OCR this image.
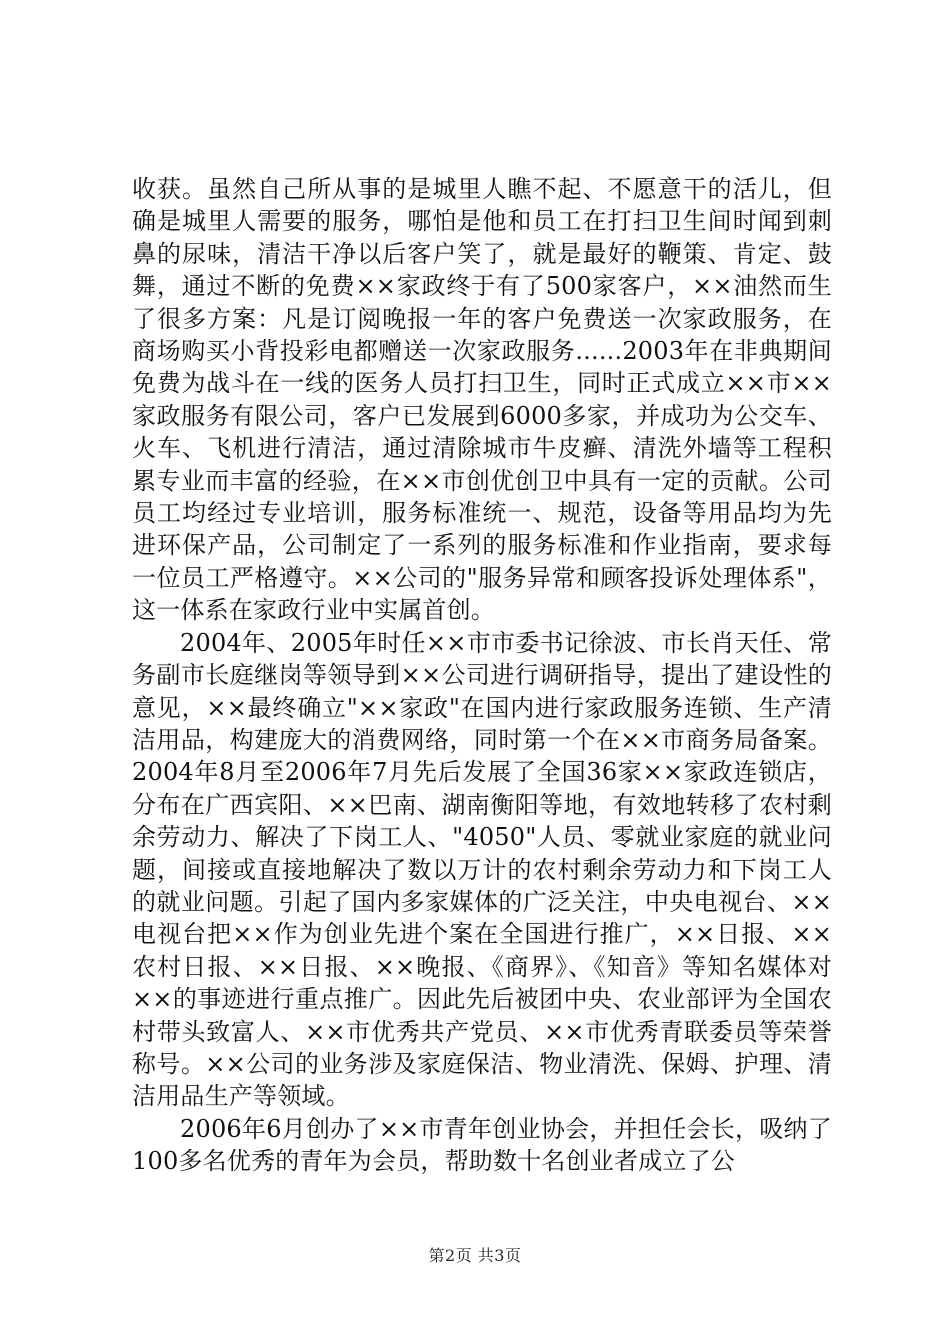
收获。虽然自己所从事的是城里人瞧不起、不愿意干的活儿，但确是城里人需要的服务，哪怕是他和员工在打扫卫生间时闻到刺鼻的尿味，清洁干净以后客户笑了，就是最好的鞭策、肯定、鼓舞，通过不断的免费××家政终于有了500家客户，××油然而生了很多方案：凡是订阅晚报一年的客户免费送一次家政服务，在商场购买小背投彩电都赠送一次家政服务......2003年在非典期间免费为战斗在一线的医务人员打扫卫生，同时正式成立××市××家政服务有限公司，客户已发展到6000多家，并成功为公交车、火车、飞机进行清洁，通过清除城市牛皮癣、清洗外墙等工程积累专业而丰富的经验，在××市创优创卫中具有一定的贡献。公司员工均经过专业培训，服务标准统一、规范，设备等用品均为先进环保产品，公司制定了一系列的服务标准和作业指南，要求每一位员工严格遵守。××公司的"服务异常和顾客投诉处理体系"，这一体系在家政行业中实属首创。

2004年、2005年时任××市市委书记徐波、市长肖天任、常务副市长庭继岗等领导到××公司进行调研指导，提出了建设性的意见，××最终确立"××家政"在国内进行家政服务连锁、生产清洁用品，构建庞大的消费网络，同时第一个在××市商务局备案。2004年8月至2006年7月先后发展了全国36家××家政连锁店，分布在广西宾阳、××巴南、湖南衡阳等地，有效地转移了农村剩余劳动力、解决了下岗工人、"4050"人员、零就业家庭的就业问题，间接或直接地解决了数以万计的农村剩余劳动力和下岗工人的就业问题。引起了国内多家媒体的广泛关注，中央电视台、××电视台把××作为创业先进个案在全国进行推广，××日报、××农村日报、××日报、××晚报、《商界》、《知音》等知名媒体对××的事迹进行重点推广。因此先后被团中央、农业部评为全国农村带头致富人、××市优秀共产党员、××市优秀青联委员等荣誉称号。××公司的业务涉及家庭保洁、物业清洗、保姆、护理、清洁用品生产等领域。

2006年6月创办了××市青年创业协会，并担任会长，吸纳了100多名优秀的青年为会员，帮助数十名创业者成立了公

第2页 共3页
